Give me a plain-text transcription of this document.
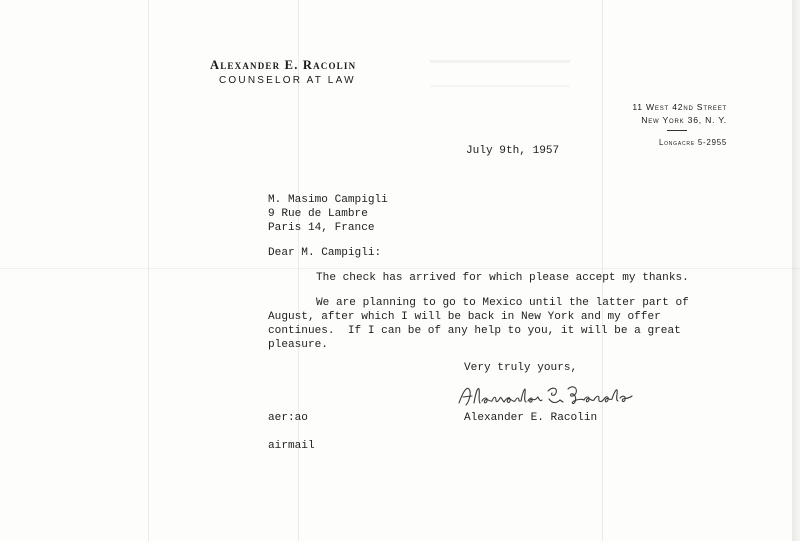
Alexander E. Racolin
COUNSELOR AT LAW
11 West 42nd Street
New York 36, N. Y.
Longacre 5-2955
July 9th, 1957
M. Masimo Campigli
9 Rue de Lambre
Paris 14, France
Dear M. Campigli:
The check has arrived for which please accept my thanks.
We are planning to go to Mexico until the latter part of
August, after which I will be back in New York and my offer
continues.  If I can be of any help to you, it will be a great
pleasure.
Very truly yours,
Alexander E. Racolin
aer:ao
airmail
